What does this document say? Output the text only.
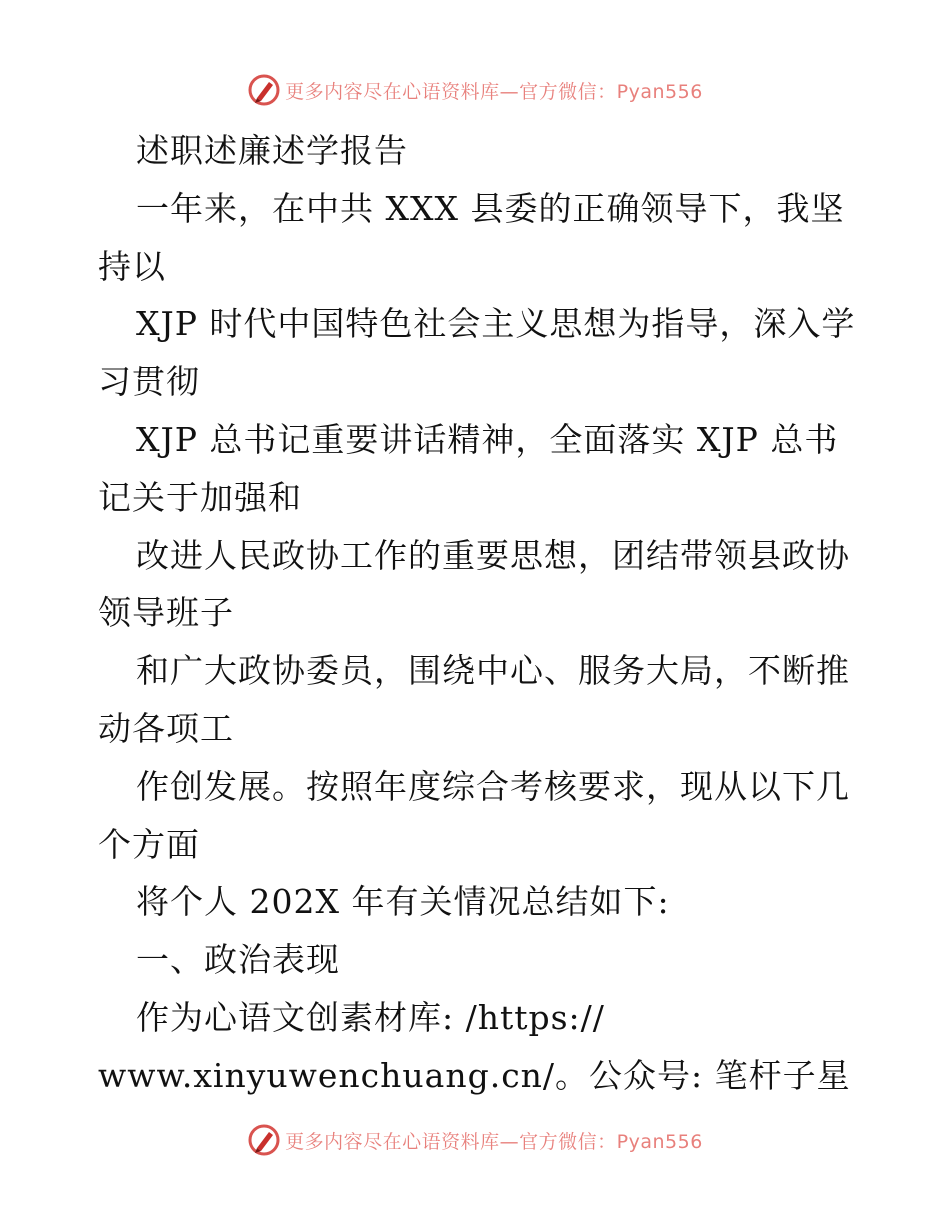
更多内容尽在心语资料库—官方微信：Pyan556
述职述廉述学报告
一年来，在中共 XXX 县委的正确领导下，我坚
持以
XJP 时代中国特色社会主义思想为指导，深入学
习贯彻
XJP 总书记重要讲话精神，全面落实 XJP 总书
记关于加强和
改进人民政协工作的重要思想，团结带领县政协
领导班子
和广大政协委员，围绕中心、服务大局，不断推
动各项工
作创发展。按照年度综合考核要求，现从以下几
个方面
将个人 202X 年有关情况总结如下:
一、政治表现
作为心语文创素材库: /https://
www.xinyuwenchuang.cn/。公众号: 笔杆子星
更多内容尽在心语资料库—官方微信：Pyan556
